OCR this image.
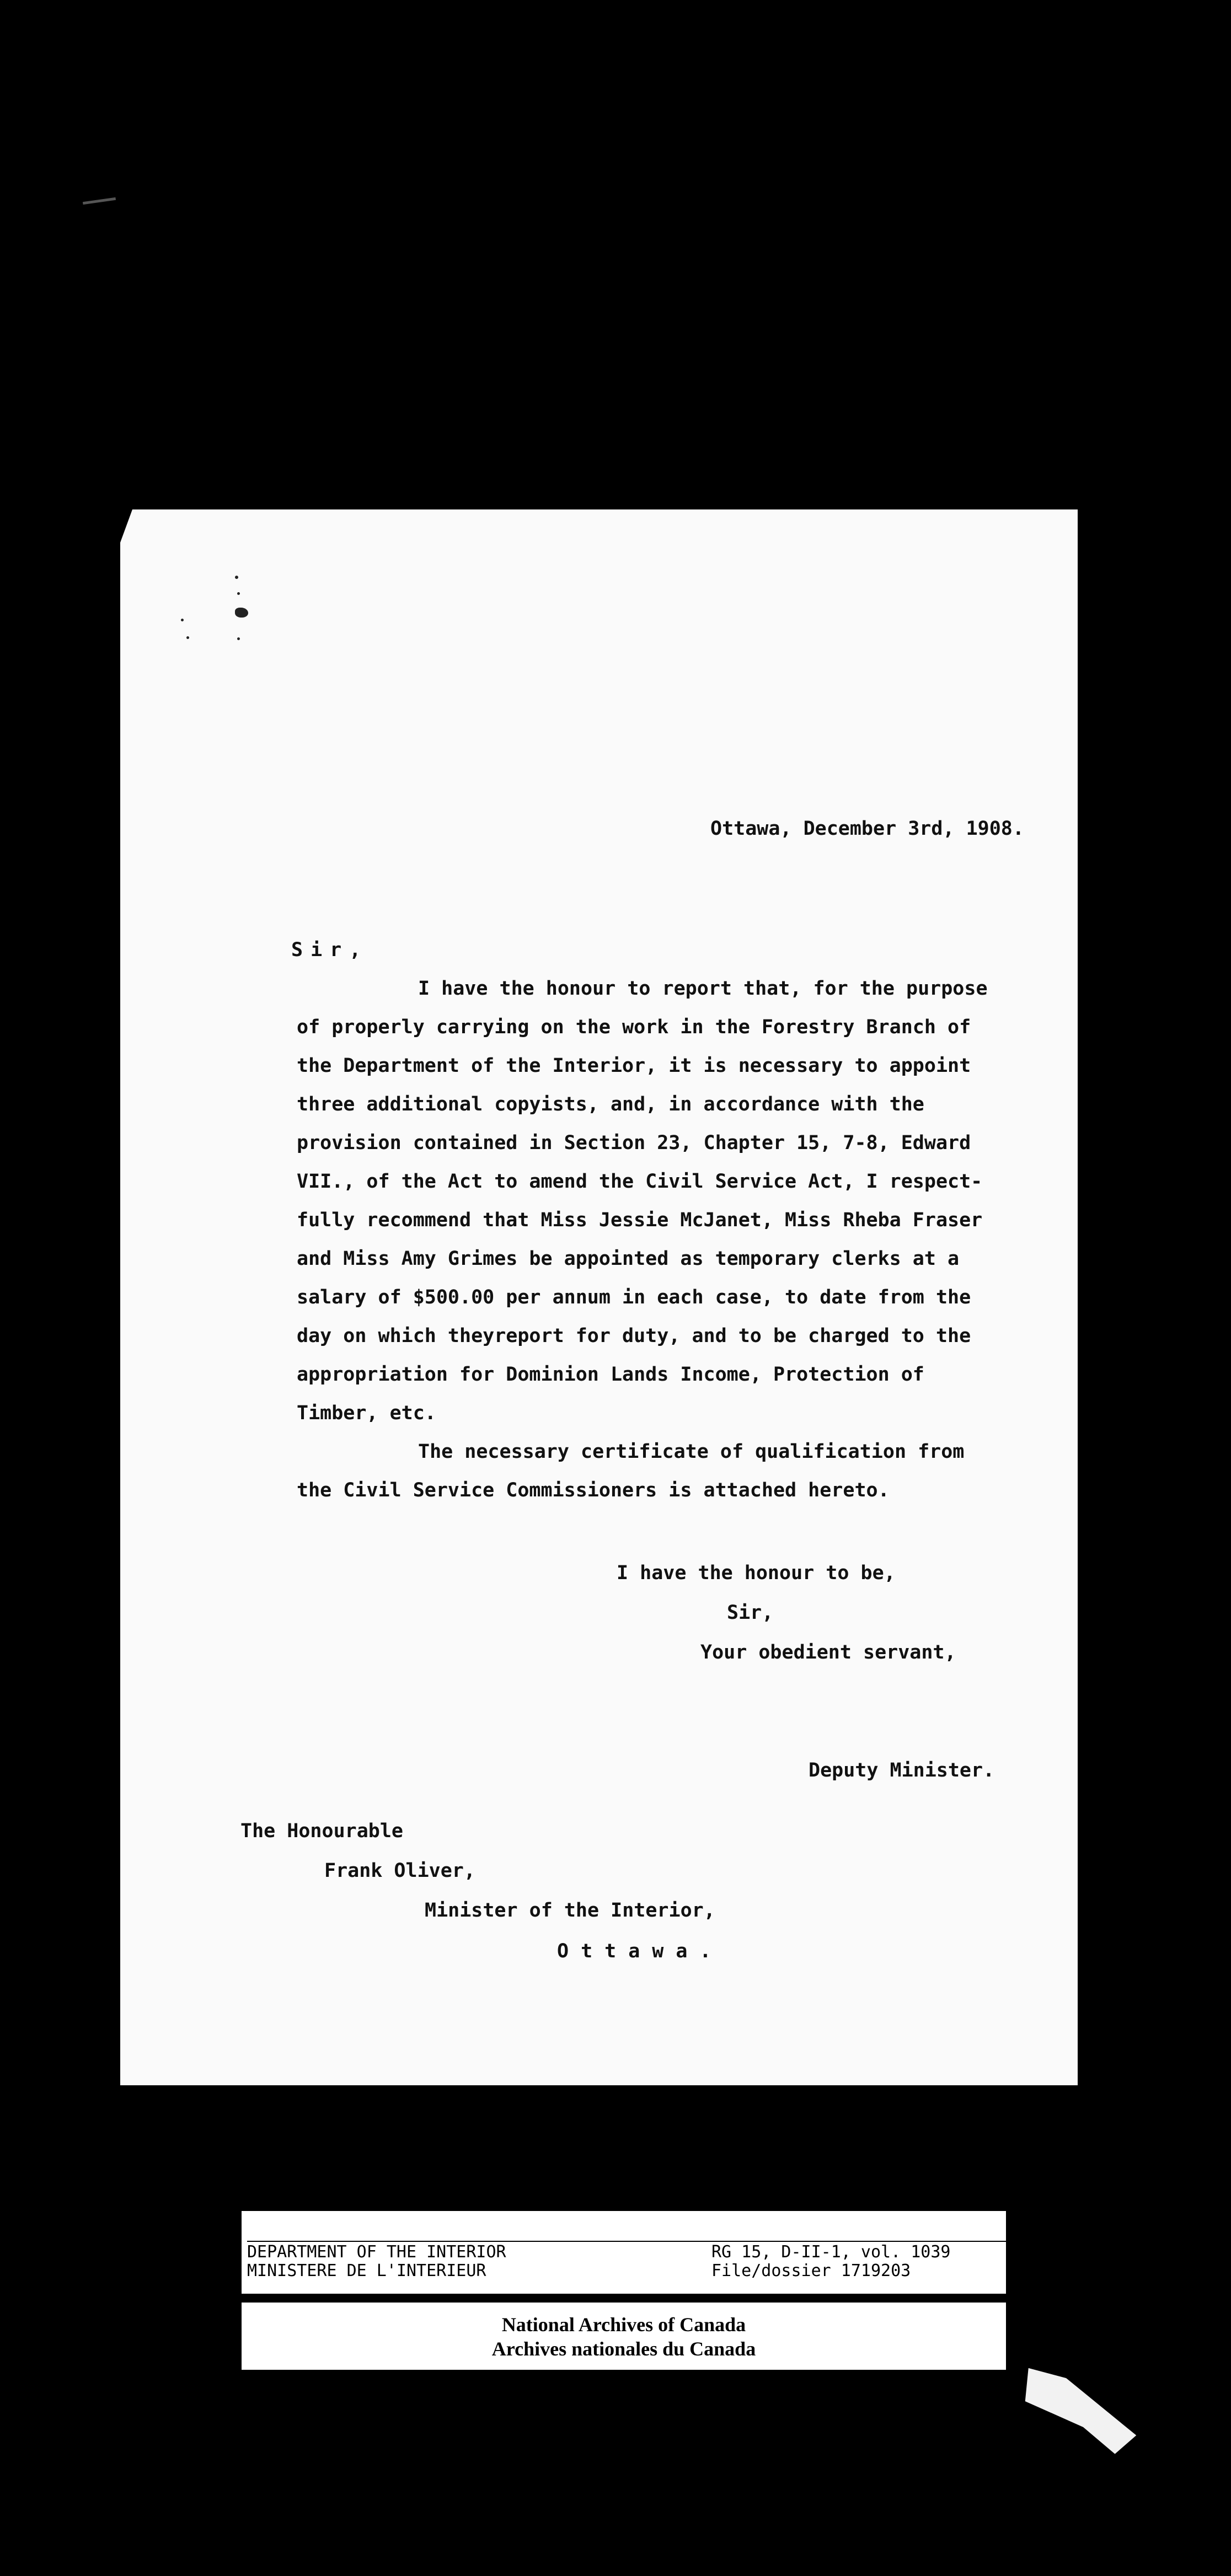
Ottawa, December 3rd, 1908.
Sir,
I have the honour to report that, for the purpose
of properly carrying on the work in the Forestry Branch of
the Department of the Interior, it is necessary to appoint
three additional copyists, and, in accordance with the
provision contained in Section 23, Chapter 15, 7-8, Edward
VII., of the Act to amend the Civil Service Act, I respect-
fully recommend that Miss Jessie McJanet, Miss Rheba Fraser
and Miss Amy Grimes be appointed as temporary clerks at a
salary of $500.00 per annum in each case, to date from the
day on which theyreport for duty, and to be charged to the
appropriation for Dominion Lands Income, Protection of
Timber, etc.
The necessary certificate of qualification from
the Civil Service Commissioners is attached hereto.
I have the honour to be,
Sir,
Your obedient servant,
Deputy Minister.
The Honourable
Frank Oliver,
Minister of the Interior,
Ottawa.
DEPARTMENT OF THE INTERIOR
MINISTERE DE L'INTERIEUR
RG 15, D-II-1, vol. 1039
File/dossier 1719203
National Archives of Canada
Archives nationales du Canada
